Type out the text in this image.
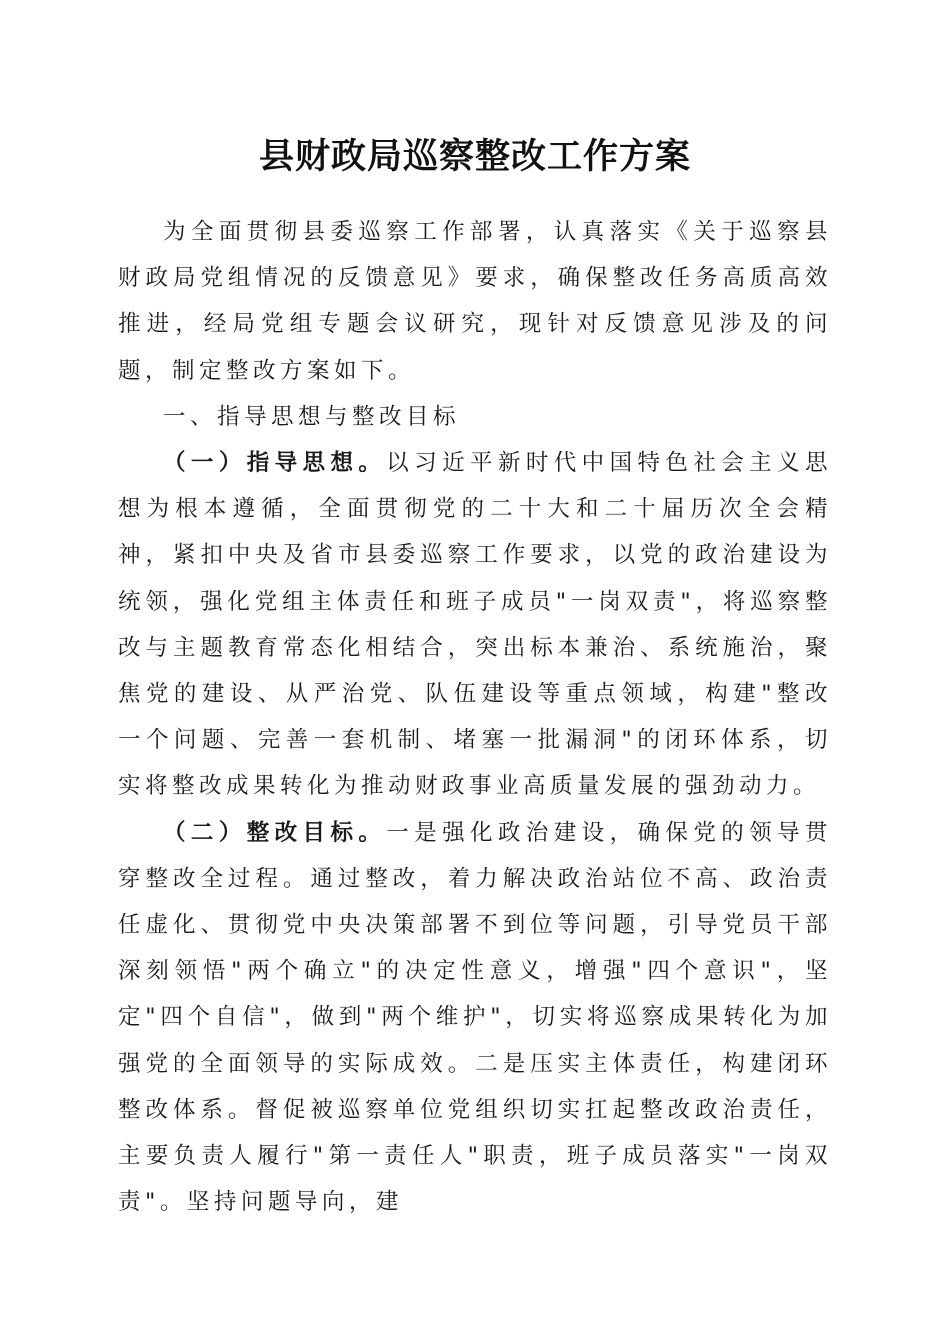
县财政局巡察整改工作方案

为全面贯彻县委巡察工作部署，认真落实《关于巡察县财政局党组情况的反馈意见》要求，确保整改任务高质高效推进，经局党组专题会议研究，现针对反馈意见涉及的问题，制定整改方案如下。

一、指导思想与整改目标

（一）指导思想。以习近平新时代中国特色社会主义思想为根本遵循，全面贯彻党的二十大和二十届历次全会精神，紧扣中央及省市县委巡察工作要求，以党的政治建设为统领，强化党组主体责任和班子成员"一岗双责"，将巡察整改与主题教育常态化相结合，突出标本兼治、系统施治，聚焦党的建设、从严治党、队伍建设等重点领域，构建"整改一个问题、完善一套机制、堵塞一批漏洞"的闭环体系，切实将整改成果转化为推动财政事业高质量发展的强劲动力。

（二）整改目标。一是强化政治建设，确保党的领导贯穿整改全过程。通过整改，着力解决政治站位不高、政治责任虚化、贯彻党中央决策部署不到位等问题，引导党员干部深刻领悟"两个确立"的决定性意义，增强"四个意识"，坚定"四个自信"，做到"两个维护"，切实将巡察成果转化为加强党的全面领导的实际成效。二是压实主体责任，构建闭环整改体系。督促被巡察单位党组织切实扛起整改政治责任，主要负责人履行"第一责任人"职责，班子成员落实"一岗双责"。坚持问题导向，建
